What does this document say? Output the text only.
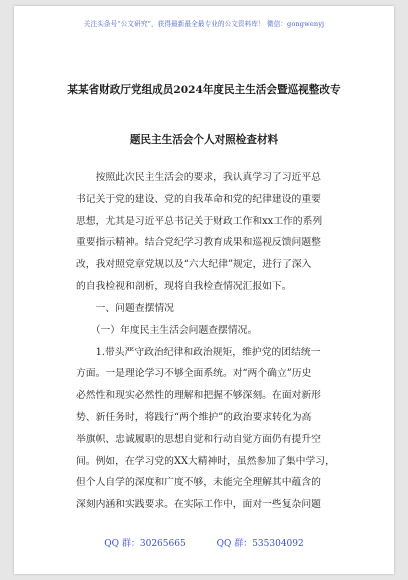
关注头条号“公文研究”，获得最新最全最专业的公文资料库！ 微信：gongwenyj
某某省财政厅党组成员2024年度民主生活会暨巡视整改专
题民主生活会个人对照检查材料
　　按照此次民主生活会的要求，我认真学习了习近平总
书记关于党的建设、党的自我革命和党的纪律建设的重要
思想，尤其是习近平总书记关于财政工作和xx工作的系列
重要指示精神。结合党纪学习教育成果和巡视反馈问题整
改，我对照党章党规以及“六大纪律”规定，进行了深入
的自我检视和剖析，现将自我检查情况汇报如下。
　　一、问题查摆情况
　　（一）年度民主生活会问题查摆情况。
　　1.带头严守政治纪律和政治规矩，维护党的团结统一
方面。一是理论学习不够全面系统。对“两个确立”历史
必然性和现实必然性的理解和把握不够深刻。在面对新形
势、新任务时，将践行“两个维护”的政治要求转化为高
举旗帜、忠诚履职的思想自觉和行动自觉方面仍有提升空
间。例如，在学习党的XX大精神时，虽然参加了集中学习，
但个人自学的深度和广度不够，未能完全理解其中蕴含的
深刻内涵和实践要求。在实际工作中，面对一些复杂问题
QQ 群：30265665	QQ 群：535304092
